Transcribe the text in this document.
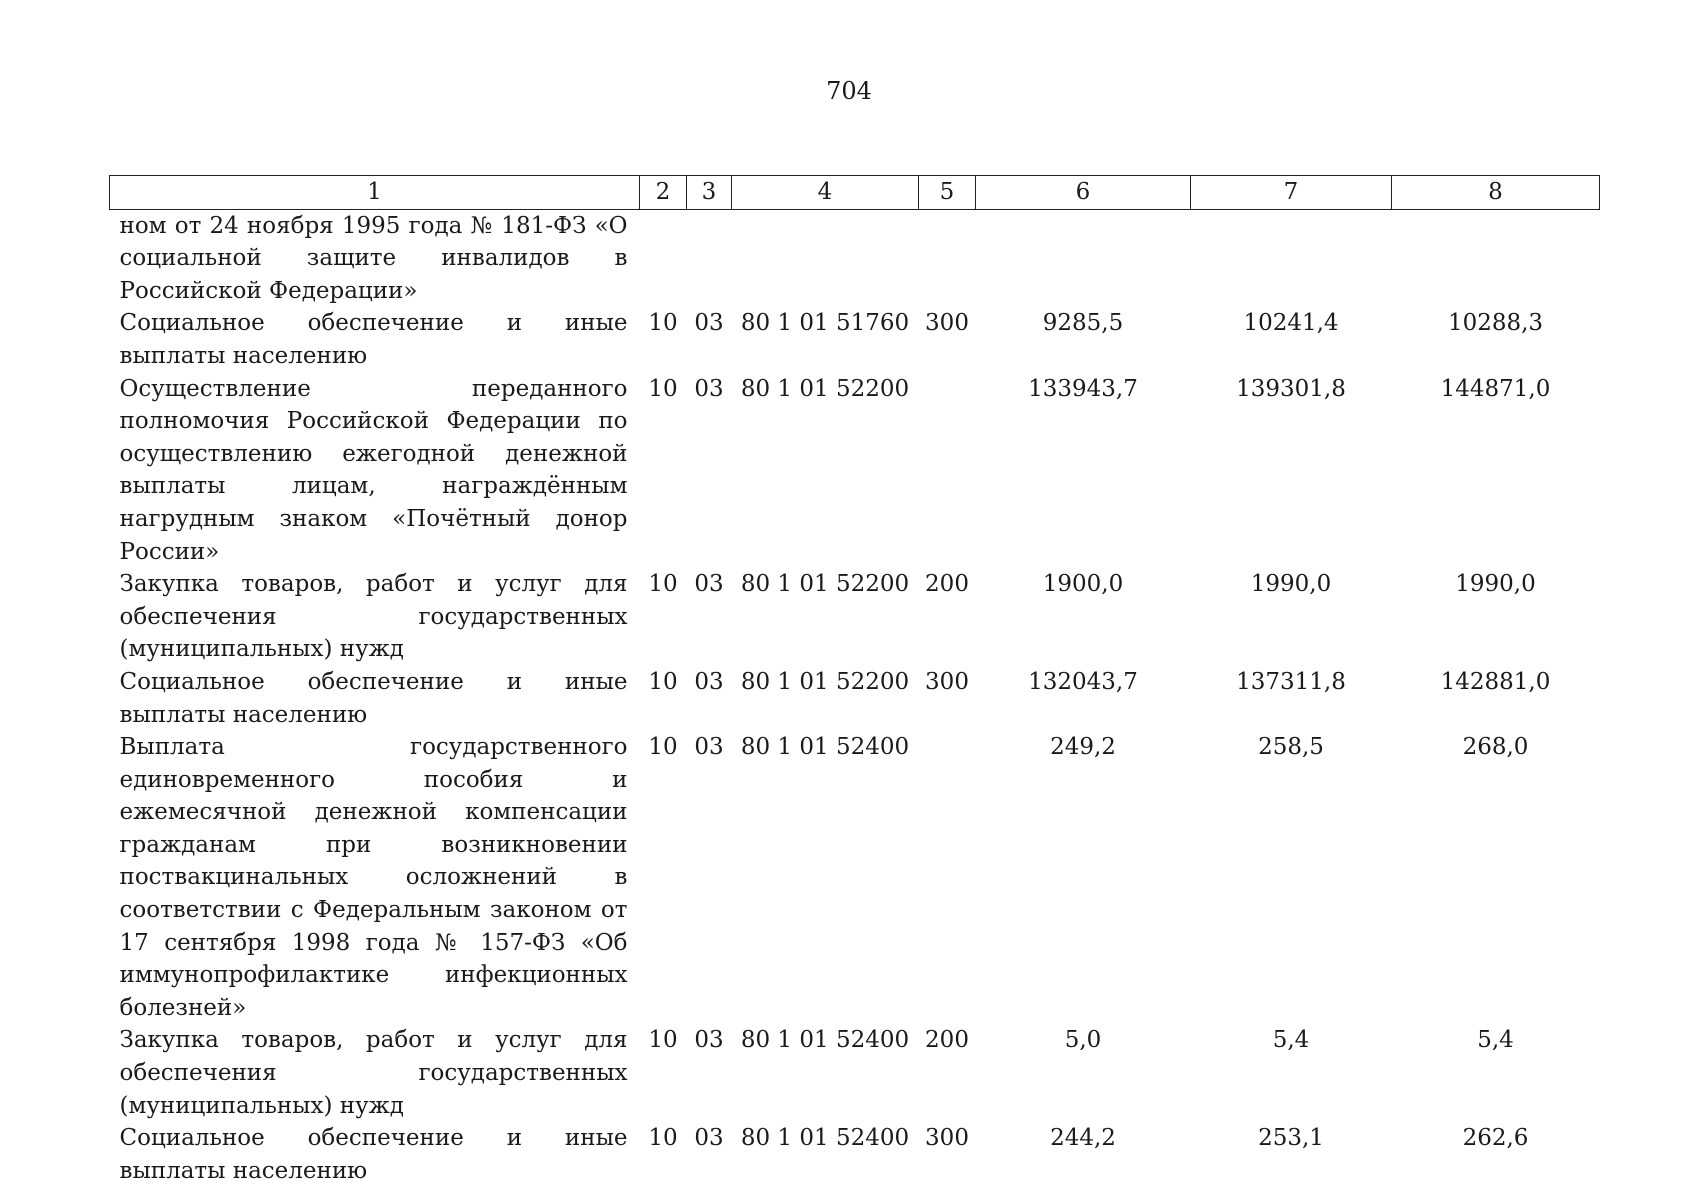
704
1	2	3	4	5	6	7	8
ном от 24 ноября 1995 года № 181-ФЗ «О социальной защите инвалидов в Российской Федерации»							
Социальное обеспечение и иные выплаты населению	10	03	80 1 01 51760	300	9285,5	10241,4	10288,3
Осуществление переданного полномочия Российской Федерации по осуществлению ежегодной денежной выплаты лицам, награждённым нагрудным знаком «Почётный донор России»	10	03	80 1 01 52200		133943,7	139301,8	144871,0
Закупка товаров, работ и услуг для обеспечения государственных (муниципальных) нужд	10	03	80 1 01 52200	200	1900,0	1990,0	1990,0
Социальное обеспечение и иные выплаты населению	10	03	80 1 01 52200	300	132043,7	137311,8	142881,0
Выплата государственного единовременного пособия и ежемесячной денежной компенсации гражданам при возникновении поствакцинальных осложнений в соответствии с Федеральным законом от 17 сентября 1998 года № 157-ФЗ «Об иммунопрофилактике инфекционных болезней»	10	03	80 1 01 52400		249,2	258,5	268,0
Закупка товаров, работ и услуг для обеспечения государственных (муниципальных) нужд	10	03	80 1 01 52400	200	5,0	5,4	5,4
Социальное обеспечение и иные выплаты населению	10	03	80 1 01 52400	300	244,2	253,1	262,6
